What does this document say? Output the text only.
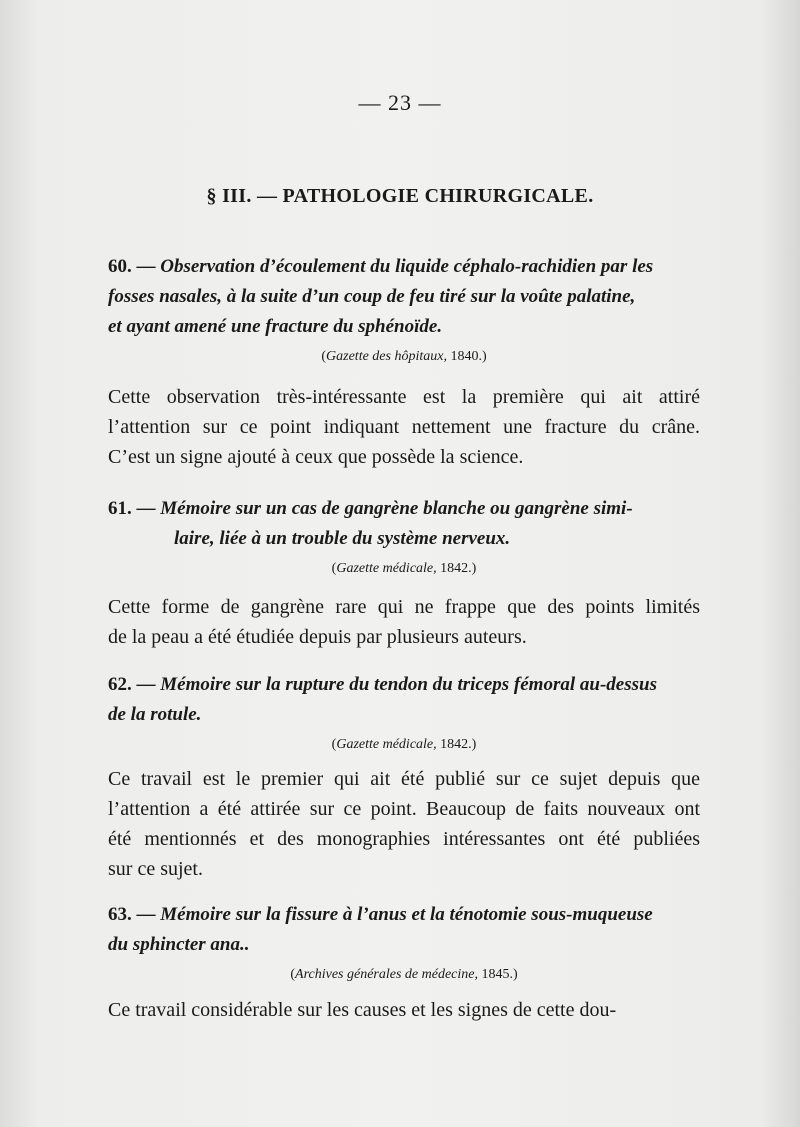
— 23 —
§ III. — PATHOLOGIE CHIRURGICALE.
60. — Observation d’écoulement du liquide céphalo-rachidien par les
fosses nasales, à la suite d’un coup de feu tiré sur la voûte palatine,
et ayant amené une fracture du sphénoïde.
(Gazette des hôpitaux, 1840.)
Cette observation très-intéressante est la première qui ait attiré
l’attention sur ce point indiquant nettement une fracture du crâne.
C’est un signe ajouté à ceux que possède la science.
61. — Mémoire sur un cas de gangrène blanche ou gangrène simi-
laire, liée à un trouble du système nerveux.
(Gazette médicale, 1842.)
Cette forme de gangrène rare qui ne frappe que des points limités
de la peau a été étudiée depuis par plusieurs auteurs.
62. — Mémoire sur la rupture du tendon du triceps fémoral au-dessus
de la rotule.
(Gazette médicale, 1842.)
Ce travail est le premier qui ait été publié sur ce sujet depuis que
l’attention a été attirée sur ce point. Beaucoup de faits nouveaux ont
été mentionnés et des monographies intéressantes ont été publiées
sur ce sujet.
63. — Mémoire sur la fissure à l’anus et la ténotomie sous-muqueuse
du sphincter ana..
(Archives générales de médecine, 1845.)
Ce travail considérable sur les causes et les signes de cette dou-
